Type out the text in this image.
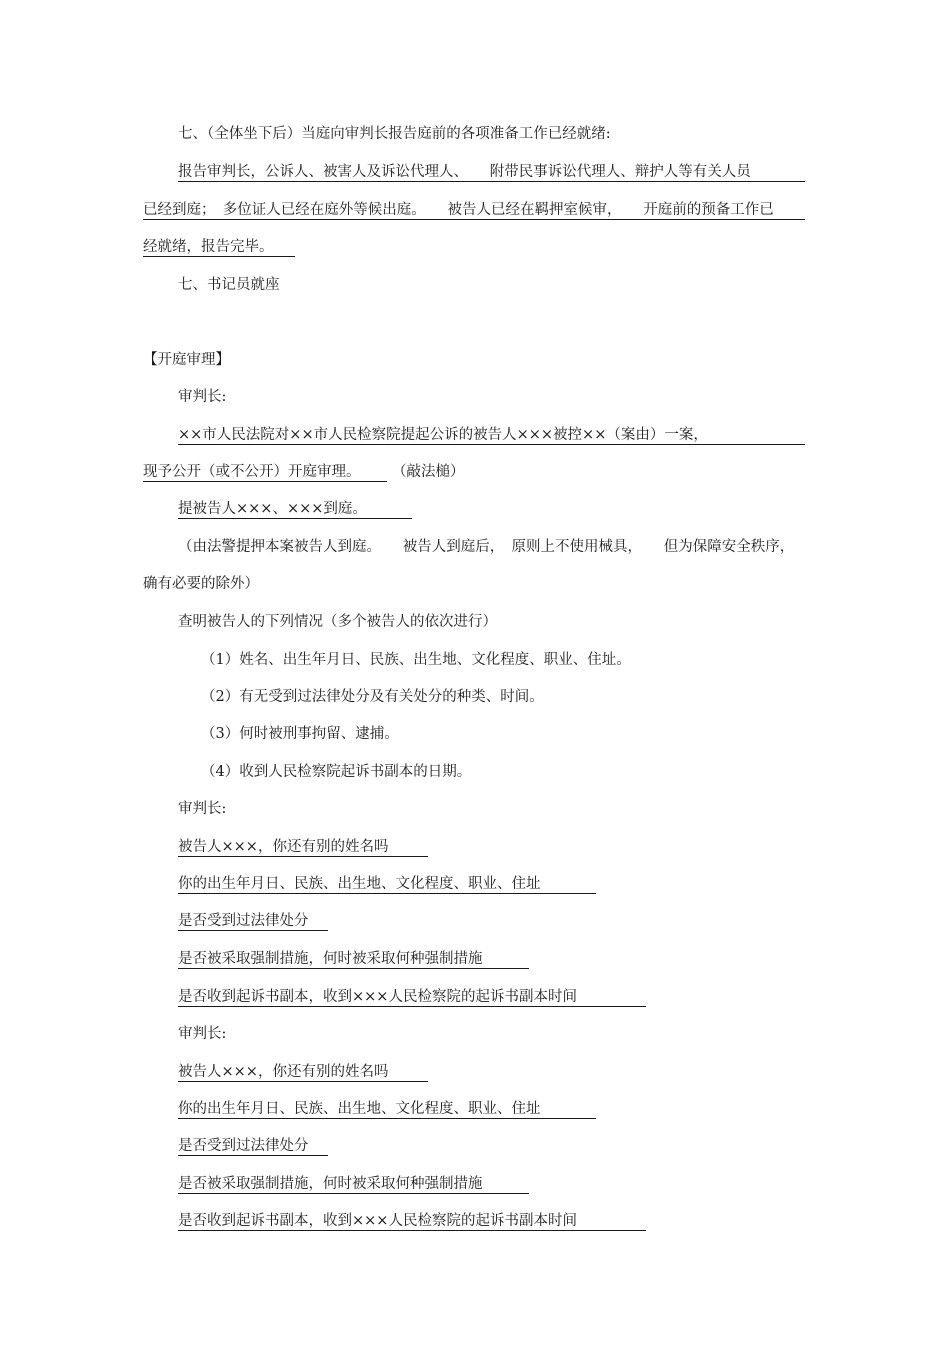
七、（全体坐下后）当庭向审判长报告庭前的各项准备工作已经就绪:

报告审判长，公诉人、被害人及诉讼代理人、　　附带民事诉讼代理人、辩护人等有关人员

已经到庭；　多位证人已经在庭外等候出庭。　　被告人已经在羁押室候审，　　开庭前的预备工作已

经就绪，报告完毕。

七、书记员就座

【开庭审理】

审判长:

××市人民法院对××市人民检察院提起公诉的被告人×××被控××（案由）一案，

现予公开（或不公开）开庭审理。 （敲法槌）

提被告人×××、×××到庭。

（由法警提押本案被告人到庭。　　被告人到庭后，　原则上不使用械具，　　但为保障安全秩序，

确有必要的除外）

查明被告人的下列情况（多个被告人的依次进行）

（1）姓名、出生年月日、民族、出生地、文化程度、职业、住址。

（2）有无受到过法律处分及有关处分的种类、时间。

（3）何时被刑事拘留、逮捕。

（4）收到人民检察院起诉书副本的日期。

审判长:

被告人×××，你还有别的姓名吗

你的出生年月日、民族、出生地、文化程度、职业、住址

是否受到过法律处分

是否被采取强制措施，何时被采取何种强制措施

是否收到起诉书副本，收到×××人民检察院的起诉书副本时间

审判长:

被告人×××，你还有别的姓名吗

你的出生年月日、民族、出生地、文化程度、职业、住址

是否受到过法律处分

是否被采取强制措施，何时被采取何种强制措施

是否收到起诉书副本，收到×××人民检察院的起诉书副本时间
